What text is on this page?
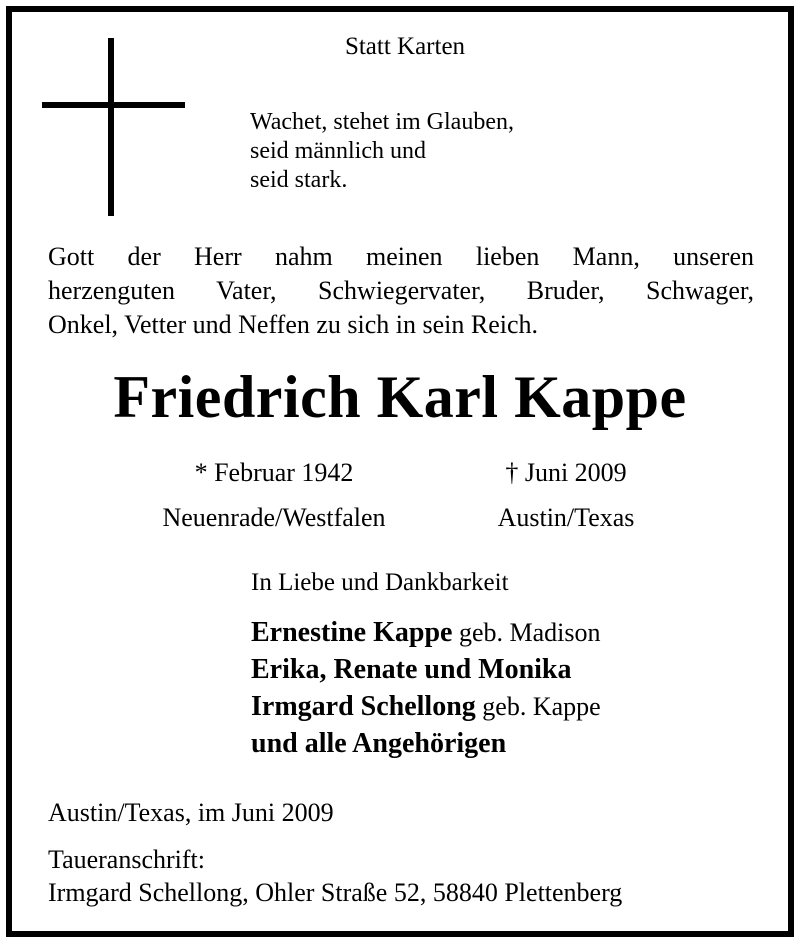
Statt Karten
Wachet, stehet im Glauben,
seid männlich und
seid stark.
Gott der Herr nahm meinen lieben Mann, unseren
herzenguten Vater, Schwiegervater, Bruder, Schwager,
Onkel, Vetter und Neffen zu sich in sein Reich.
Friedrich Karl Kappe
* Februar 1942
Neuenrade/Westfalen
† Juni 2009
Austin/Texas
In Liebe und Dankbarkeit
Ernestine Kappe geb. Madison
Erika, Renate und Monika
Irmgard Schellong geb. Kappe
und alle Angehörigen
Austin/Texas, im Juni 2009
Taueranschrift:
Irmgard Schellong, Ohler Straße 52, 58840 Plettenberg
